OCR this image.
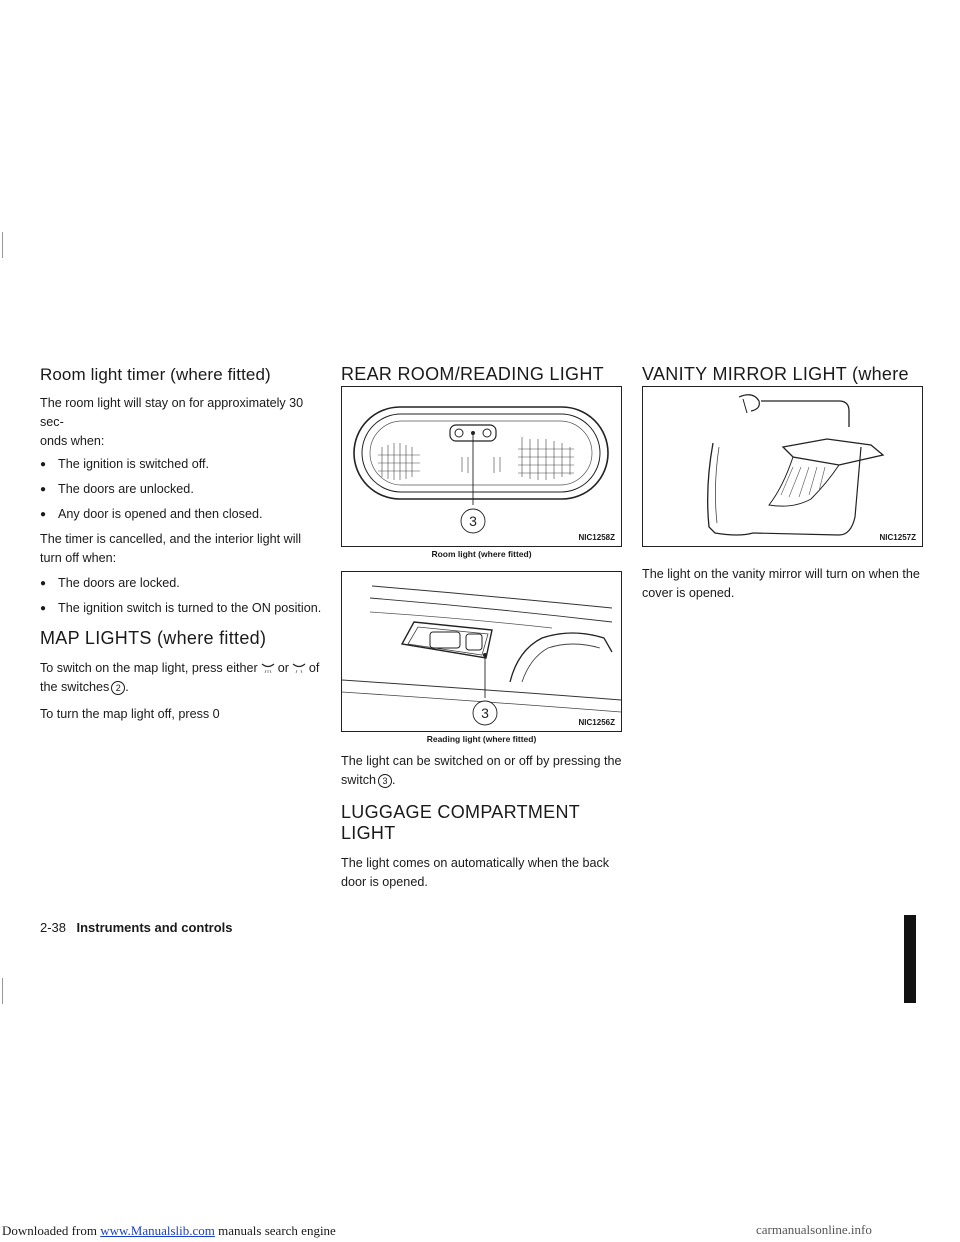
Room light timer (where fitted)

The room light will stay on for approximately 30 sec-
onds when:

● The ignition is switched off.
● The doors are unlocked.
● Any door is opened and then closed.

The timer is cancelled, and the interior light will turn off when:

● The doors are locked.
● The ignition switch is turned to the ON position.
MAP LIGHTS (where fitted)

To switch on the map light, press either or of
the switches 2 .

To turn the map light off, press 0

REAR ROOM/READING LIGHT
3
NIC1258Z
Room light (where fitted)
3
NIC1256Z
Reading light (where fitted)

The light can be switched on or off by pressing the switch 3 .

LUGGAGE COMPARTMENT LIGHT

The light comes on automatically when the back door is opened.

VANITY MIRROR LIGHT (where
NIC1257Z

The light on the vanity mirror will turn on when the cover is opened.

2-38 Instruments and controls
Downloaded from www.Manualslib.com manuals search engine	carmanualsonline.info
